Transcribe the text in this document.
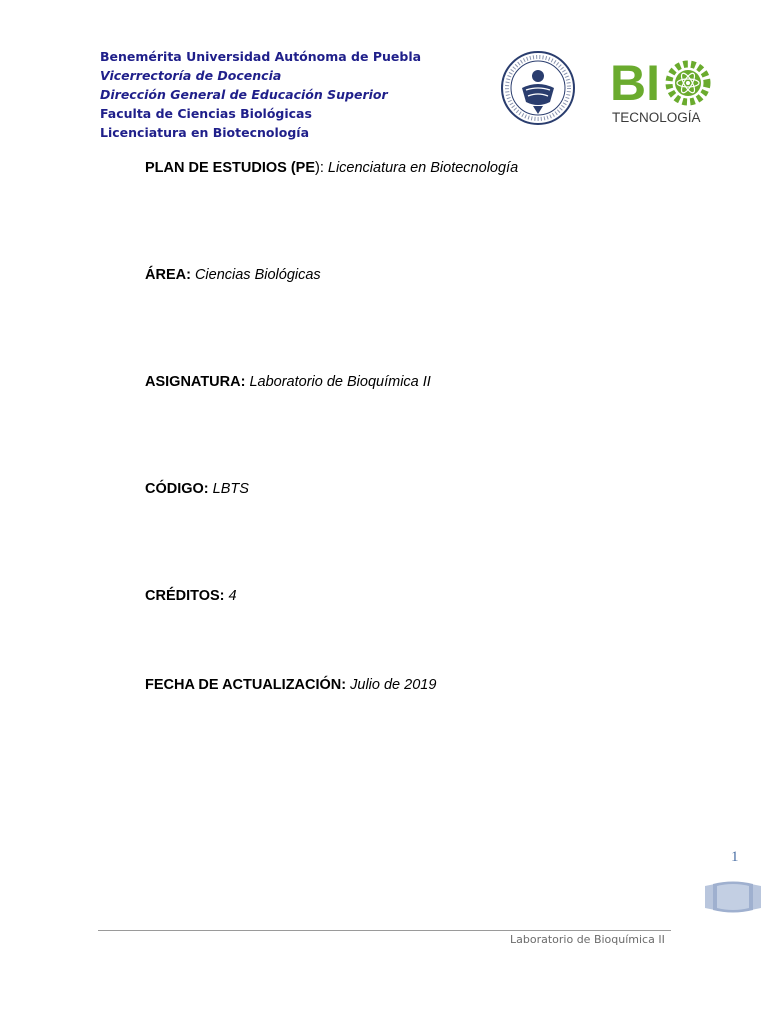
Benemérita Universidad Autónoma de Puebla
Vicerrectoría de Docencia
Dirección General de Educación Superior
Faculta de Ciencias Biológicas
Licenciatura en Biotecnología
BI
TECNOLOGÍA
PLAN DE ESTUDIOS (PE): Licenciatura en Biotecnología
ÁREA: Ciencias Biológicas
ASIGNATURA: Laboratorio de Bioquímica II
CÓDIGO: LBTS
CRÉDITOS: 4
FECHA DE ACTUALIZACIÓN: Julio de 2019
1
Laboratorio de Bioquímica II
